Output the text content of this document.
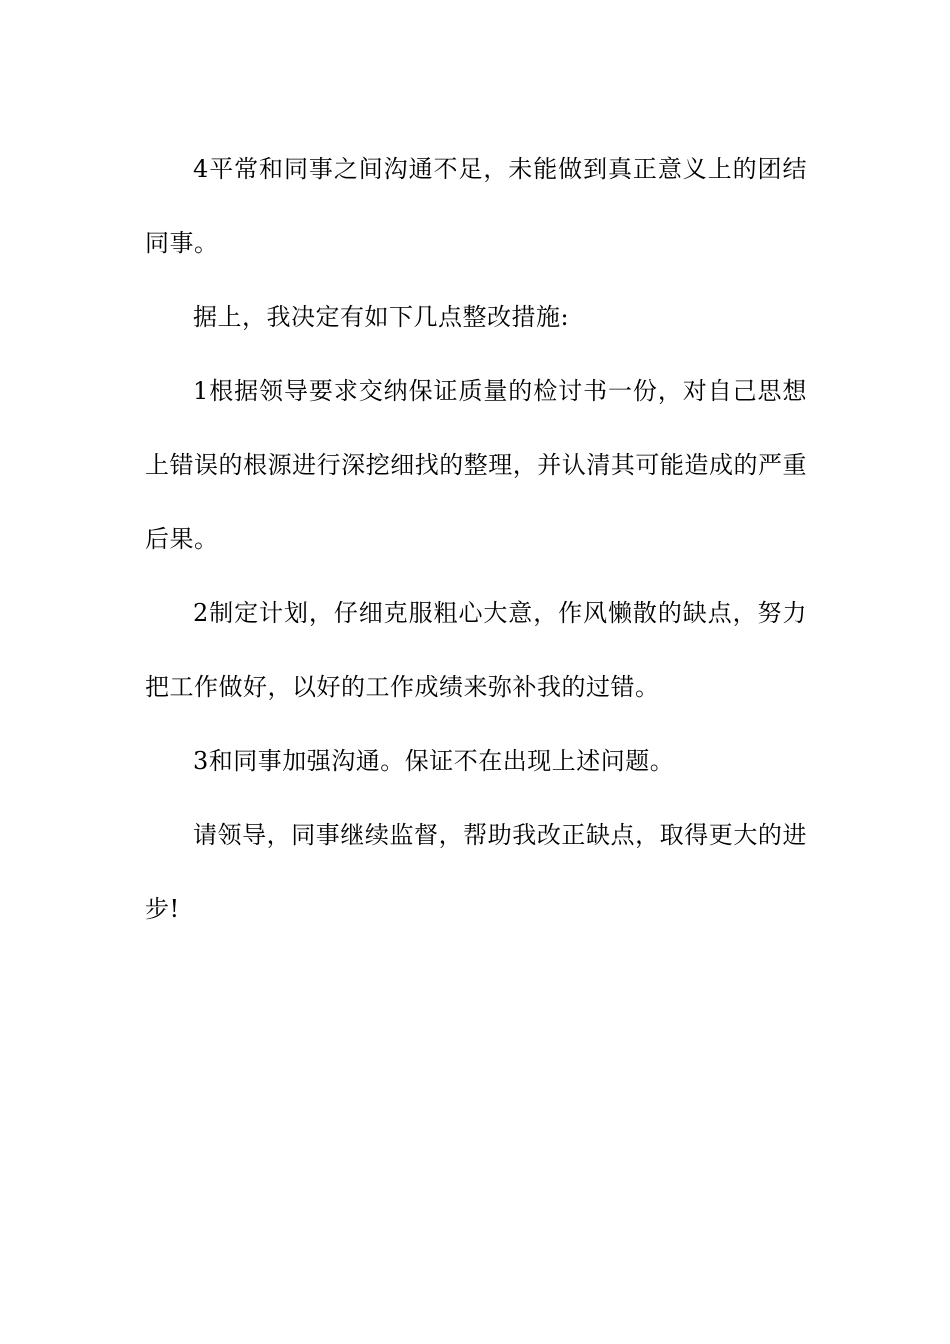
4平常和同事之间沟通不足，未能做到真正意义上的团结同事。

据上，我决定有如下几点整改措施:

1根据领导要求交纳保证质量的检讨书一份，对自己思想上错误的根源进行深挖细找的整理，并认清其可能造成的严重后果。

2制定计划，仔细克服粗心大意，作风懒散的缺点，努力把工作做好，以好的工作成绩来弥补我的过错。

3和同事加强沟通。保证不在出现上述问题。

请领导，同事继续监督，帮助我改正缺点，取得更大的进步!
